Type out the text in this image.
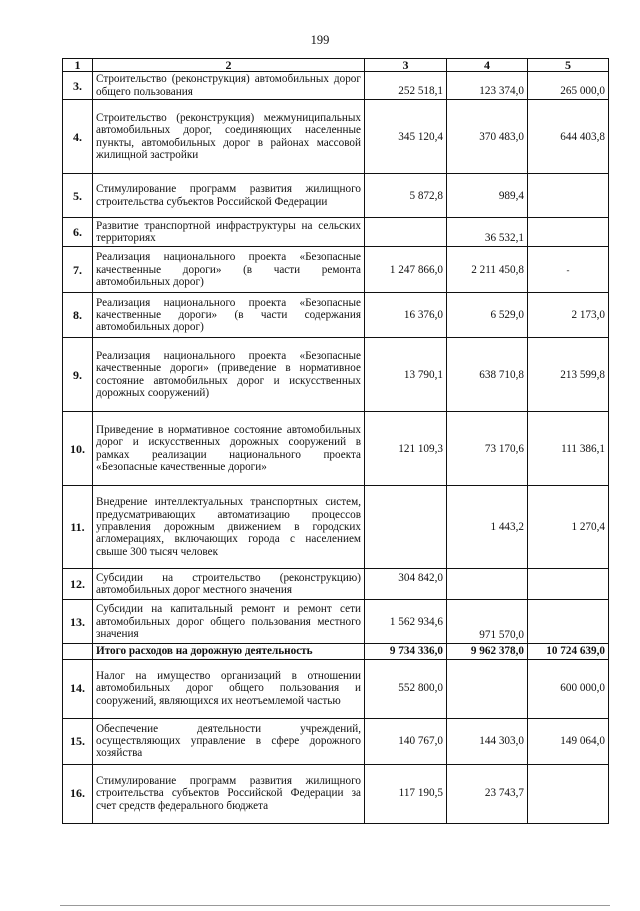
199
1	2	3	4	5
3.	Строительство (реконструкция) автомобильных дорог общего пользования	252 518,1	123 374,0	265 000,0
4.	Строительство (реконструкция) межмуниципальных автомобильных дорог, соединяющих населенные пункты, автомобильных дорог в районах массовой жилищной застройки	345 120,4	370 483,0	644 403,8
5.	Стимулирование программ развития жилищного строительства субъектов Российской Федерации	5 872,8	989,4	
6.	Развитие транспортной инфраструктуры на сельских территориях		36 532,1	
7.	Реализация национального проекта «Безопасные качественные дороги» (в части ремонта автомобильных дорог)	1 247 866,0	2 211 450,8	-
8.	Реализация национального проекта «Безопасные качественные дороги» (в части содержания автомобильных дорог)	16 376,0	6 529,0	2 173,0
9.	Реализация национального проекта «Безопасные качественные дороги» (приведение в нормативное состояние автомобильных дорог и искусственных дорожных сооружений)	13 790,1	638 710,8	213 599,8
10.	Приведение в нормативное состояние автомобильных дорог и искусственных дорожных сооружений в рамках реализации национального проекта «Безопасные качественные дороги»	121 109,3	73 170,6	111 386,1
11.	Внедрение интеллектуальных транспортных систем, предусматривающих автоматизацию процессов управления дорожным движением в городских агломерациях, включающих города с населением свыше 300 тысяч человек		1 443,2	1 270,4
12.	Субсидии на строительство (реконструкцию) автомобильных дорог местного значения	304 842,0		
13.	Субсидии на капитальный ремонт и ремонт сети автомобильных дорог общего пользования местного значения	1 562 934,6	971 570,0	
	Итого расходов на дорожную деятельность	9 734 336,0	9 962 378,0	10 724 639,0
14.	Налог на имущество организаций в отношении автомобильных дорог общего пользования и сооружений, являющихся их неотъемлемой частью	552 800,0		600 000,0
15.	Обеспечение деятельности учреждений, осуществляющих управление в сфере дорожного хозяйства	140 767,0	144 303,0	149 064,0
16.	Стимулирование программ развития жилищного строительства субъектов Российской Федерации за счет средств федерального бюджета	117 190,5	23 743,7	
